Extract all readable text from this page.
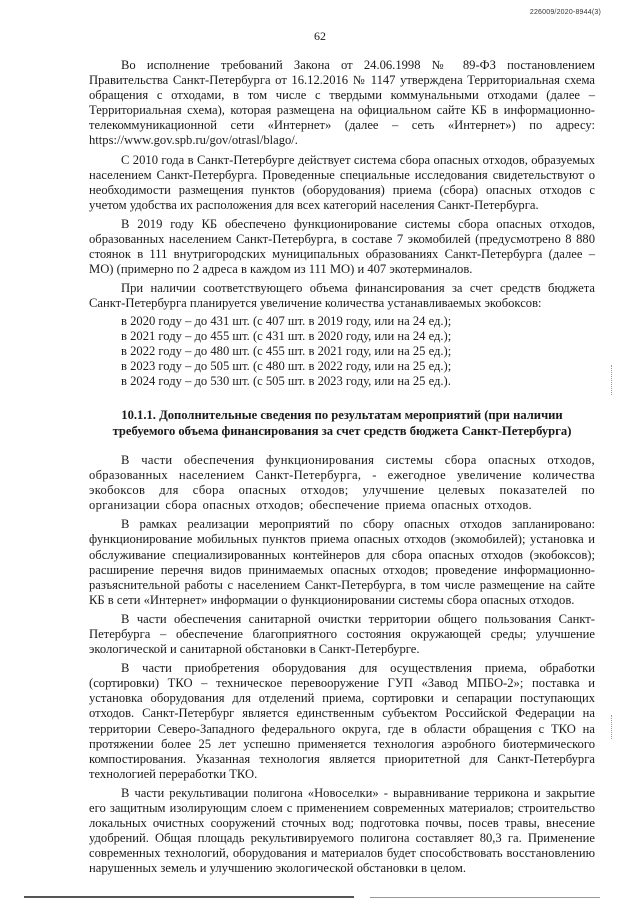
226009/2020-8944(3)
62

Во исполнение требований Закона от 24.06.1998 № 89-ФЗ постановлением Правительства Санкт-Петербурга от 16.12.2016 № 1147 утверждена Территориальная схема обращения с отходами, в том числе с твердыми коммунальными отходами (далее – Территориальная схема), которая размещена на официальном сайте КБ в информационно-телекоммуникационной сети «Интернет» (далее – сеть «Интернет») по адресу: https://www.gov.spb.ru/gov/otrasl/blago/.

С 2010 года в Санкт-Петербурге действует система сбора опасных отходов, образуемых населением Санкт-Петербурга. Проведенные специальные исследования свидетельствуют о необходимости размещения пунктов (оборудования) приема (сбора) опасных отходов с учетом удобства их расположения для всех категорий населения Санкт-Петербурга.

В 2019 году КБ обеспечено функционирование системы сбора опасных отходов, образованных населением Санкт-Петербурга, в составе 7 экомобилей (предусмотрено 8 880 стоянок в 111 внутригородских муниципальных образованиях Санкт-Петербурга (далее – МО) (примерно по 2 адреса в каждом из 111 МО) и 407 экотерминалов.

При наличии соответствующего объема финансирования за счет средств бюджета Санкт-Петербурга планируется увеличение количества устанавливаемых экобоксов:

в 2020 году – до 431 шт. (с 407 шт. в 2019 году, или на 24 ед.);
в 2021 году – до 455 шт. (с 431 шт. в 2020 году, или на 24 ед.);
в 2022 году – до 480 шт. (с 455 шт. в 2021 году, или на 25 ед.);
в 2023 году – до 505 шт. (с 480 шт. в 2022 году, или на 25 ед.);
в 2024 году – до 530 шт. (с 505 шт. в 2023 году, или на 25 ед.).
10.1.1. Дополнительные сведения по результатам мероприятий (при наличии требуемого объема финансирования за счет средств бюджета Санкт-Петербурга)

В части обеспечения функционирования системы сбора опасных отходов, образованных населением Санкт-Петербурга, - ежегодное увеличение количества экобоксов для сбора опасных отходов; улучшение целевых показателей по организации сбора опасных отходов; обеспечение приема опасных отходов.

В рамках реализации мероприятий по сбору опасных отходов запланировано: функционирование мобильных пунктов приема опасных отходов (экомобилей); установка и обслуживание специализированных контейнеров для сбора опасных отходов (экобоксов); расширение перечня видов принимаемых опасных отходов; проведение информационно-разъяснительной работы с населением Санкт-Петербурга, в том числе размещение на сайте КБ в сети «Интернет» информации о функционировании системы сбора опасных отходов.

В части обеспечения санитарной очистки территории общего пользования Санкт-Петербурга – обеспечение благоприятного состояния окружающей среды; улучшение экологической и санитарной обстановки в Санкт-Петербурге.

В части приобретения оборудования для осуществления приема, обработки (сортировки) ТКО – техническое перевооружение ГУП «Завод МПБО-2»; поставка и установка оборудования для отделений приема, сортировки и сепарации поступающих отходов. Санкт-Петербург является единственным субъектом Российской Федерации на территории Северо-Западного федерального округа, где в области обращения с ТКО на протяжении более 25 лет успешно применяется технология аэробного биотермического компостирования. Указанная технология является приоритетной для Санкт-Петербурга технологией переработки ТКО.

В части рекультивации полигона «Новоселки» - выравнивание терриконa и закрытие его защитным изолирующим слоем с применением современных материалов; строительство локальных очистных сооружений сточных вод; подготовка почвы, посев травы, внесение удобрений. Общая площадь рекультивируемого полигона составляет 80,3 га. Применение современных технологий, оборудования и материалов будет способствовать восстановлению нарушенных земель и улучшению экологической обстановки в целом.
